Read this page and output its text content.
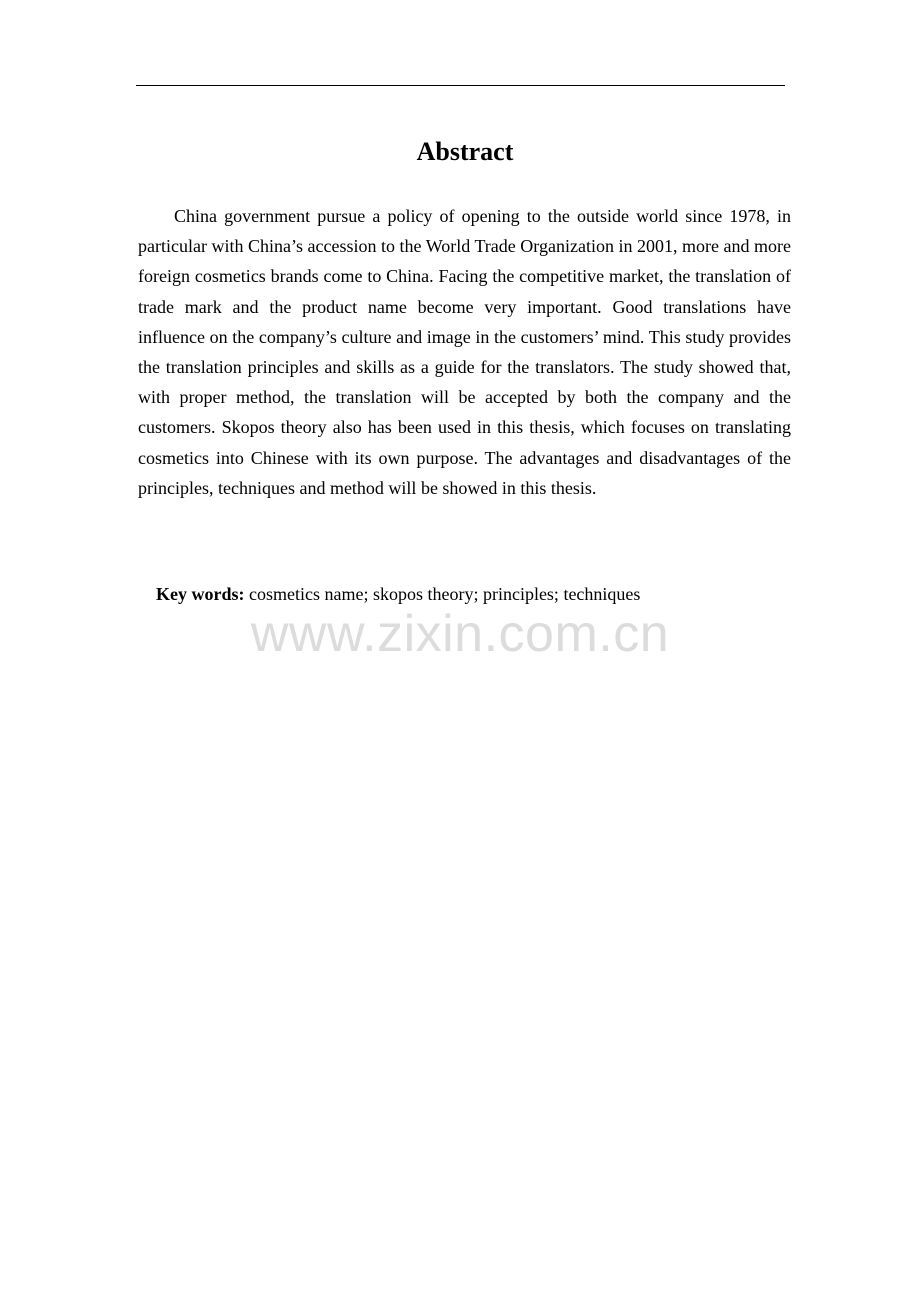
Abstract

China government pursue a policy of opening to the outside world since 1978, in particular with China’s accession to the World Trade Organization in 2001, more and more foreign cosmetics brands come to China. Facing the competitive market, the translation of trade mark and the product name become very important. Good translations have influence on the company’s culture and image in the customers’ mind. This study provides the translation principles and skills as a guide for the translators. The study showed that, with proper method, the translation will be accepted by both the company and the customers. Skopos theory also has been used in this thesis, which focuses on translating cosmetics into Chinese with its own purpose. The advantages and disadvantages of the principles, techniques and method will be showed in this thesis.

Key words: cosmetics name; skopos theory; principles; techniques
www.zixin.com.cn
